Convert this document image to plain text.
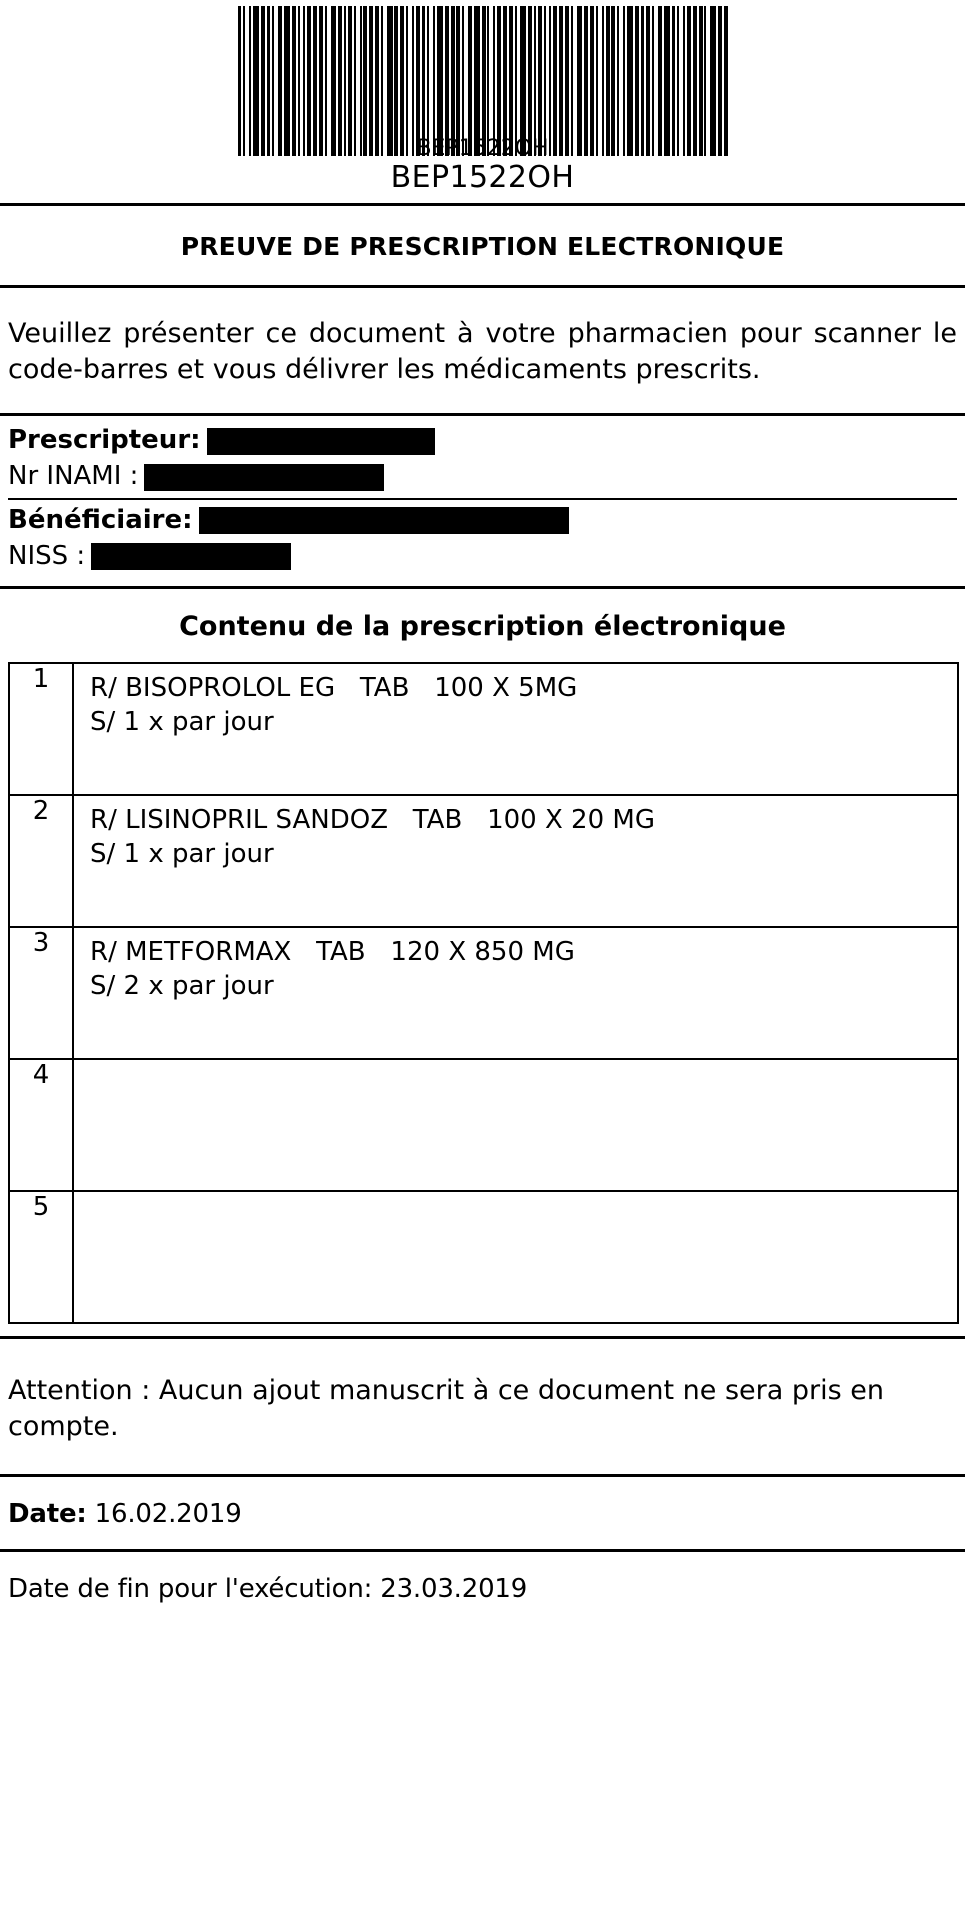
BEP1522OH
PREUVE DE PRESCRIPTION ELECTRONIQUE
Veuillez présenter ce document à votre pharmacien pour scanner le code-barres et vous délivrer les médicaments prescrits.
Prescripteur:
Nr INAMI :
Bénéficiaire:
NISS :
Contenu de la prescription électronique
1	R/ BISOPROLOL EG   TAB   100 X 5MG
S/ 1 x par jour

2	R/ LISINOPRIL SANDOZ   TAB   100 X 20 MG
S/ 1 x par jour

3	R/ METFORMAX   TAB   120 X 850 MG
S/ 2 x par jour

4	

5	
Attention : Aucun ajout manuscrit à ce document ne sera pris en compte.
Date: 16.02.2019
Date de fin pour l'exécution: 23.03.2019
